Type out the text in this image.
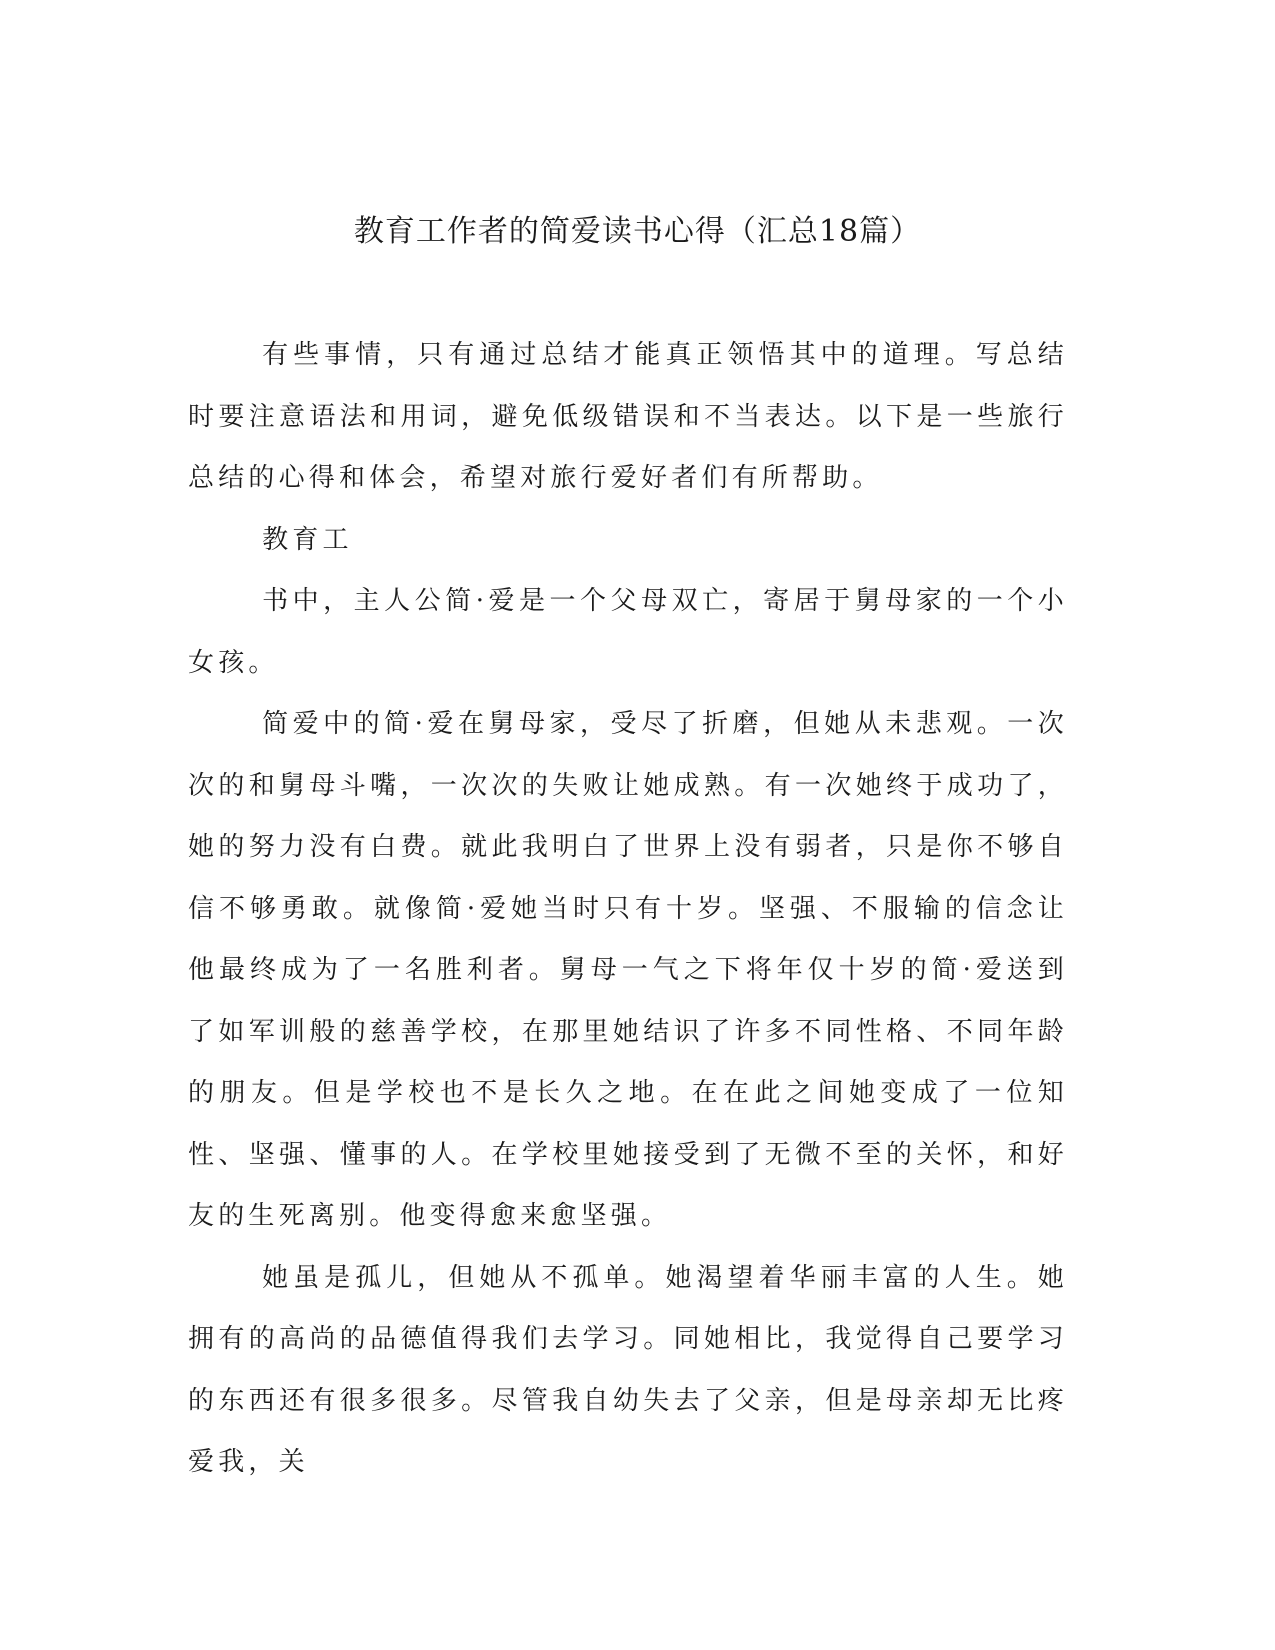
教育工作者的简爱读书心得（汇总18篇）

有些事情，只有通过总结才能真正领悟其中的道理。写总结时要注意语法和用词，避免低级错误和不当表达。以下是一些旅行总结的心得和体会，希望对旅行爱好者们有所帮助。

教育工

书中，主人公简·爱是一个父母双亡，寄居于舅母家的一个小女孩。

简爱中的简·爱在舅母家，受尽了折磨，但她从未悲观。一次次的和舅母斗嘴，一次次的失败让她成熟。有一次她终于成功了，她的努力没有白费。就此我明白了世界上没有弱者，只是你不够自信不够勇敢。就像简·爱她当时只有十岁。坚强、不服输的信念让他最终成为了一名胜利者。舅母一气之下将年仅十岁的简·爱送到了如军训般的慈善学校，在那里她结识了许多不同性格、不同年龄的朋友。但是学校也不是长久之地。在在此之间她变成了一位知性、坚强、懂事的人。在学校里她接受到了无微不至的关怀，和好友的生死离别。他变得愈来愈坚强。

她虽是孤儿，但她从不孤单。她渴望着华丽丰富的人生。她拥有的高尚的品德值得我们去学习。同她相比，我觉得自己要学习的东西还有很多很多。尽管我自幼失去了父亲，但是母亲却无比疼爱我，关
